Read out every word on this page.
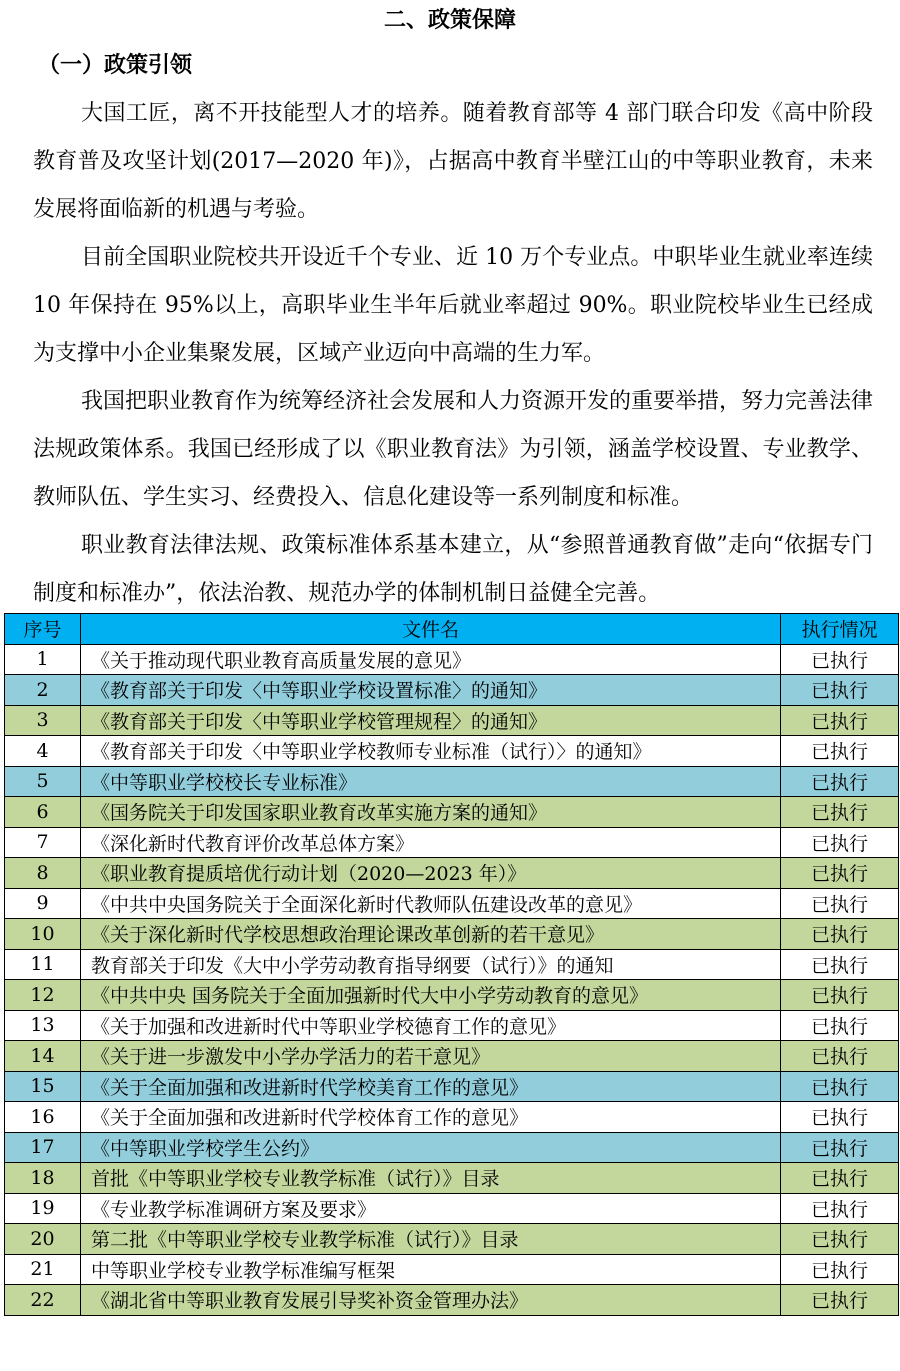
二、政策保障
（一）政策引领

大国工匠，离不开技能型人才的培养。随着教育部等 4 部门联合印发《高中阶段教育普及攻坚计划(2017—2020 年)》，占据高中教育半壁江山的中等职业教育，未来发展将面临新的机遇与考验。

目前全国职业院校共开设近千个专业、近 10 万个专业点。中职毕业生就业率连续 10 年保持在 95%以上，高职毕业生半年后就业率超过 90%。职业院校毕业生已经成为支撑中小企业集聚发展，区域产业迈向中高端的生力军。

我国把职业教育作为统筹经济社会发展和人力资源开发的重要举措，努力完善法律法规政策体系。我国已经形成了以《职业教育法》为引领，涵盖学校设置、专业教学、教师队伍、学生实习、经费投入、信息化建设等一系列制度和标准。

职业教育法律法规、政策标准体系基本建立，从“参照普通教育做”走向“依据专门制度和标准办”，依法治教、规范办学的体制机制日益健全完善。

序号	文件名	执行情况
1	《关于推动现代职业教育高质量发展的意见》	已执行
2	《教育部关于印发〈中等职业学校设置标准〉的通知》	已执行
3	《教育部关于印发〈中等职业学校管理规程〉的通知》	已执行
4	《教育部关于印发〈中等职业学校教师专业标准（试行）〉的通知》	已执行
5	《中等职业学校校长专业标准》	已执行
6	《国务院关于印发国家职业教育改革实施方案的通知》	已执行
7	《深化新时代教育评价改革总体方案》	已执行
8	《职业教育提质培优行动计划（2020—2023 年）》	已执行
9	《中共中央国务院关于全面深化新时代教师队伍建设改革的意见》	已执行
10	《关于深化新时代学校思想政治理论课改革创新的若干意见》	已执行
11	教育部关于印发《大中小学劳动教育指导纲要（试行）》的通知	已执行
12	《中共中央 国务院关于全面加强新时代大中小学劳动教育的意见》	已执行
13	《关于加强和改进新时代中等职业学校德育工作的意见》	已执行
14	《关于进一步激发中小学办学活力的若干意见》	已执行
15	《关于全面加强和改进新时代学校美育工作的意见》	已执行
16	《关于全面加强和改进新时代学校体育工作的意见》	已执行
17	《中等职业学校学生公约》	已执行
18	首批《中等职业学校专业教学标准（试行）》目录	已执行
19	《专业教学标准调研方案及要求》	已执行
20	第二批《中等职业学校专业教学标准（试行）》目录	已执行
21	中等职业学校专业教学标准编写框架	已执行
22	《湖北省中等职业教育发展引导奖补资金管理办法》	已执行
